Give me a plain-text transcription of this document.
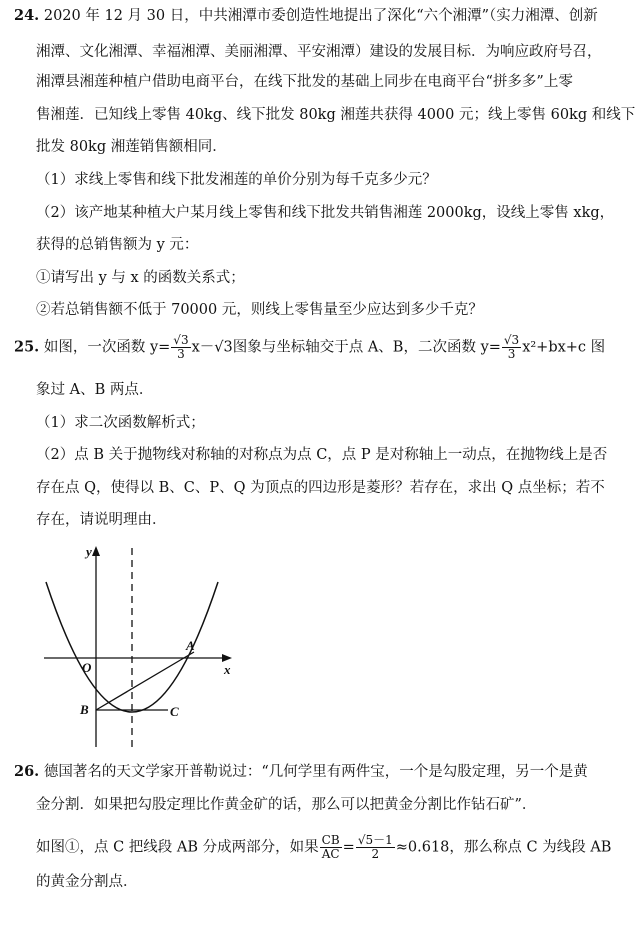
24. 2020 年 12 月 30 日，中共湘潭市委创造性地提出了深化“六个湘潭”（实力湘潭、创新
湘潭、文化湘潭、幸福湘潭、美丽湘潭、平安湘潭）建设的发展目标．为响应政府号召，
湘潭县湘莲种植户借助电商平台，在线下批发的基础上同步在电商平台“拼多多”上零
售湘莲．已知线上零售 40kg、线下批发 80kg 湘莲共获得 4000 元；线上零售 60kg 和线下
批发 80kg 湘莲销售额相同．
（1）求线上零售和线下批发湘莲的单价分别为每千克多少元？
（2）该产地某种植大户某月线上零售和线下批发共销售湘莲 2000kg，设线上零售 xkg，
获得的总销售额为 y 元：
①请写出 y 与 x 的函数关系式；
②若总销售额不低于 70000 元，则线上零售量至少应达到多少千克？
25. 如图，一次函数 $y= \frac{√3}{3} x-√3$图象与坐标轴交于点 A、B，二次函数 $y= \frac{√3}{3} x^2+bx+c$ 图
象过 A、B 两点．
（1）求二次函数解析式；
（2）点 B 关于抛物线对称轴的对称点为点 C，点 P 是对称轴上一动点，在抛物线上是否
存在点 Q，使得以 B、C、P、Q 为顶点的四边形是菱形？若存在，求出 Q 点坐标；若不
存在，请说明理由．
y
x
O
A
B	C
26. 德国著名的天文学家开普勒说过：“几何学里有两件宝，一个是勾股定理，另一个是黄
金分割．如果把勾股定理比作黄金矿的话，那么可以把黄金分割比作钻石矿”．
如图①，点 C 把线段 AB 分成两部分，如果 $\frac{CB}{AC} = \frac{√5-1}{2} \approx 0.618$，那么称点 C 为线段 AB
的黄金分割点．
